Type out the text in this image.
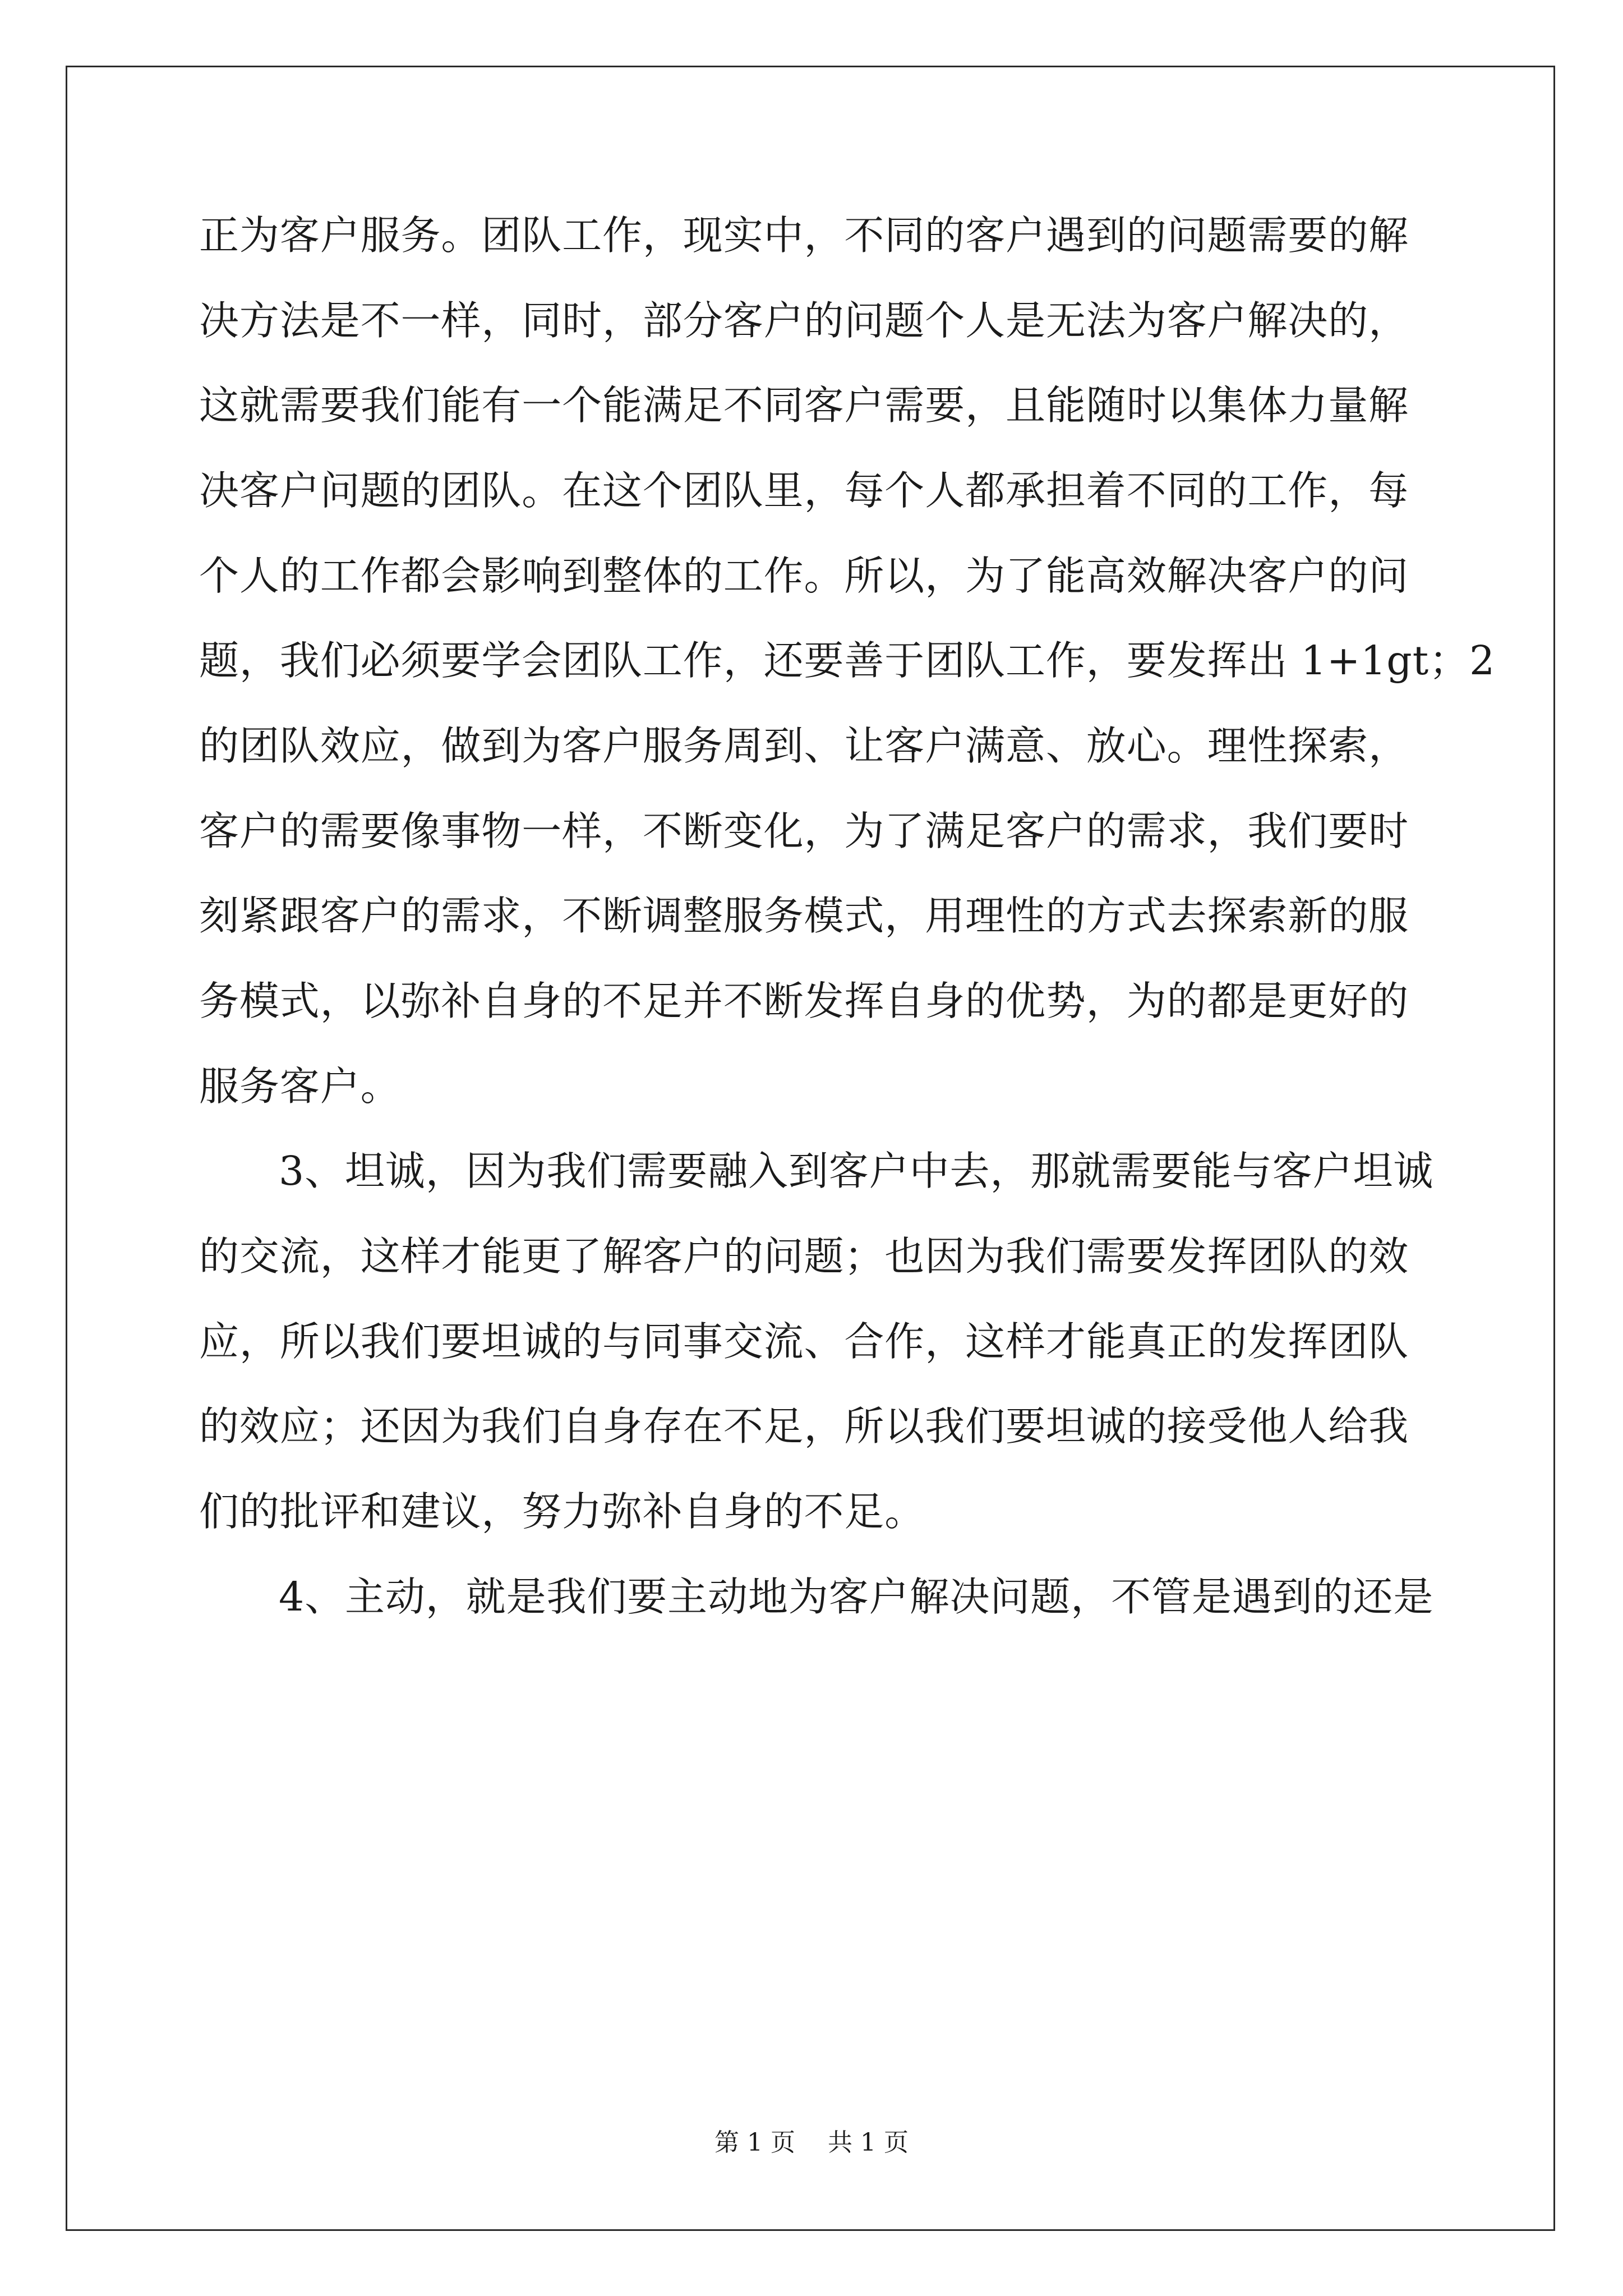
正为客户服务。团队工作，现实中，不同的客户遇到的问题需要的解
决方法是不一样，同时，部分客户的问题个人是无法为客户解决的，
这就需要我们能有一个能满足不同客户需要，且能随时以集体力量解
决客户问题的团队。在这个团队里，每个人都承担着不同的工作，每
个人的工作都会影响到整体的工作。所以，为了能高效解决客户的问
题，我们必须要学会团队工作，还要善于团队工作，要发挥出 1+1gt；2
的团队效应，做到为客户服务周到、让客户满意、放心。理性探索，
客户的需要像事物一样，不断变化，为了满足客户的需求，我们要时
刻紧跟客户的需求，不断调整服务模式，用理性的方式去探索新的服
务模式，以弥补自身的不足并不断发挥自身的优势，为的都是更好的
服务客户。
3、坦诚，因为我们需要融入到客户中去，那就需要能与客户坦诚
的交流，这样才能更了解客户的问题；也因为我们需要发挥团队的效
应，所以我们要坦诚的与同事交流、合作，这样才能真正的发挥团队
的效应；还因为我们自身存在不足，所以我们要坦诚的接受他人给我
们的批评和建议，努力弥补自身的不足。
4、主动，就是我们要主动地为客户解决问题，不管是遇到的还是
第 1 页 共 1 页
